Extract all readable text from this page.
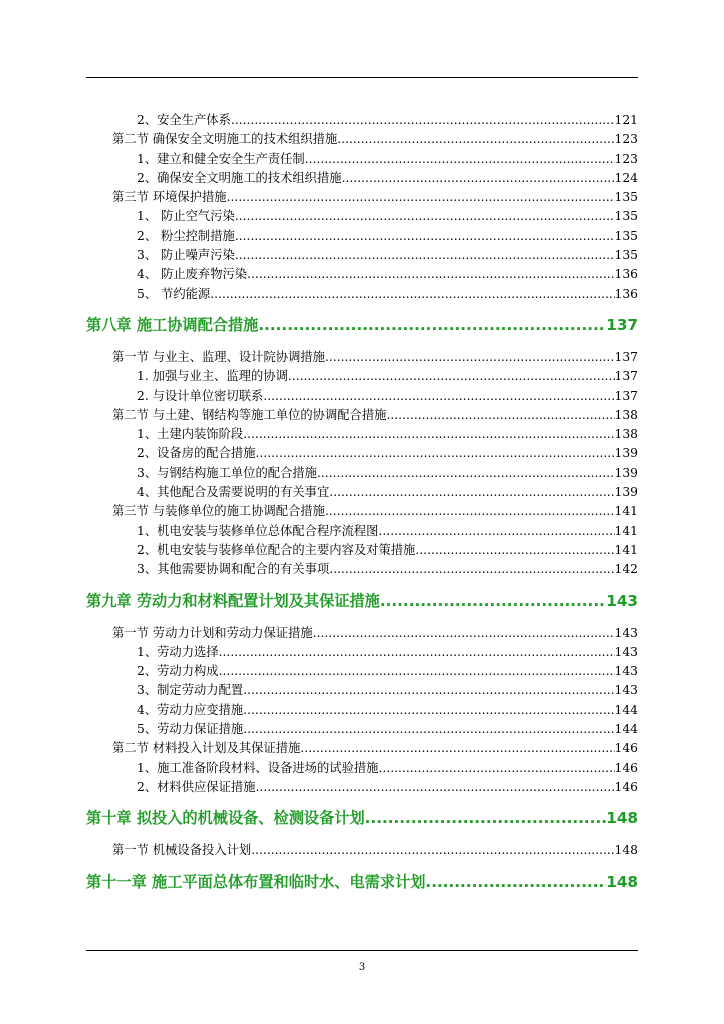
2、安全生产体系 .....	121
第二节 确保安全文明施工的技术组织措施 .....	123
1、建立和健全安全生产责任制 .....	123
2、确保安全文明施工的技术组织措施 .....	124
第三节 环境保护措施 .....	135
1、 防止空气污染 .....	135
2、 粉尘控制措施 .....	135
3、 防止噪声污染 .....	135
4、 防止废弃物污染 .....	136
5、 节约能源 .....	136
第八章 施工协调配合措施 .....	137
第一节 与业主、监理、设计院协调措施 .....	137
1. 加强与业主、监理的协调 .....	137
2. 与设计单位密切联系 .....	137
第二节 与土建、钢结构等施工单位的协调配合措施 .....	138
1、土建内装饰阶段 .....	138
2、设备房的配合措施 .....	139
3、与钢结构施工单位的配合措施 .....	139
4、其他配合及需要说明的有关事宜 .....	139
第三节 与装修单位的施工协调配合措施 .....	141
1、机电安装与装修单位总体配合程序流程图 .....	141
2、机电安装与装修单位配合的主要内容及对策措施 .....	141
3、其他需要协调和配合的有关事项 .....	142
第九章 劳动力和材料配置计划及其保证措施 .....	143
第一节 劳动力计划和劳动力保证措施 .....	143
1、劳动力选择 .....	143
2、劳动力构成 .....	143
3、制定劳动力配置 .....	143
4、劳动力应变措施 .....	144
5、劳动力保证措施 .....	144
第二节 材料投入计划及其保证措施 .....	146
1、施工准备阶段材料、设备进场的试验措施 .....	146
2、材料供应保证措施 .....	146
第十章 拟投入的机械设备、检测设备计划 .....	148
第一节 机械设备投入计划 .....	148
第十一章 施工平面总体布置和临时水、电需求计划 .....	148
3
